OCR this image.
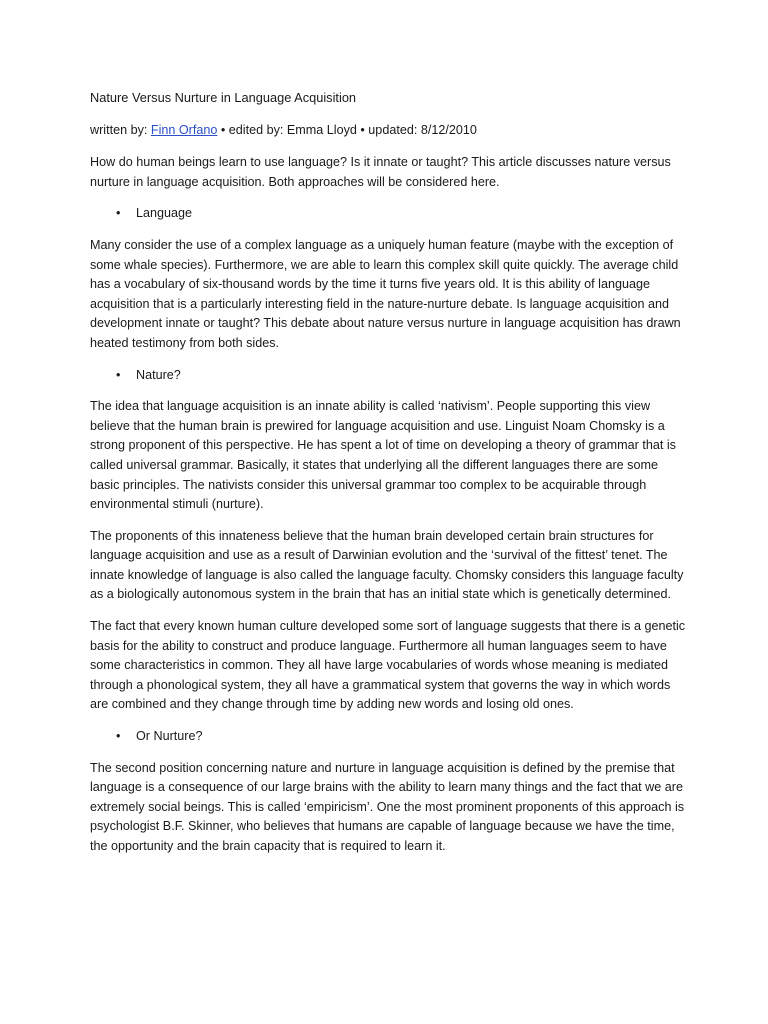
Nature Versus Nurture in Language Acquisition
written by: Finn Orfano • edited by: Emma Lloyd • updated: 8/12/2010

How do human beings learn to use language? Is it innate or taught? This article discusses nature versus nurture in language acquisition. Both approaches will be considered here.

•	Language

Many consider the use of a complex language as a uniquely human feature (maybe with the exception of some whale species). Furthermore, we are able to learn this complex skill quite quickly. The average child has a vocabulary of six-thousand words by the time it turns five years old. It is this ability of language acquisition that is a particularly interesting field in the nature-nurture debate. Is language acquisition and development innate or taught? This debate about nature versus nurture in language acquisition has drawn heated testimony from both sides.

•	Nature?

The idea that language acquisition is an innate ability is called ‘nativism’. People supporting this view believe that the human brain is prewired for language acquisition and use. Linguist Noam Chomsky is a strong proponent of this perspective. He has spent a lot of time on developing a theory of grammar that is called universal grammar. Basically, it states that underlying all the different languages there are some basic principles. The nativists consider this universal grammar too complex to be acquirable through environmental stimuli (nurture).

The proponents of this innateness believe that the human brain developed certain brain structures for language acquisition and use as a result of Darwinian evolution and the ‘survival of the fittest’ tenet. The innate knowledge of language is also called the language faculty. Chomsky considers this language faculty as a biologically autonomous system in the brain that has an initial state which is genetically determined.

The fact that every known human culture developed some sort of language suggests that there is a genetic basis for the ability to construct and produce language. Furthermore all human languages seem to have some characteristics in common. They all have large vocabularies of words whose meaning is mediated through a phonological system, they all have a grammatical system that governs the way in which words are combined and they change through time by adding new words and losing old ones.

•	Or Nurture?

The second position concerning nature and nurture in language acquisition is defined by the premise that language is a consequence of our large brains with the ability to learn many things and the fact that we are extremely social beings. This is called ‘empiricism’. One the most prominent proponents of this approach is psychologist B.F. Skinner, who believes that humans are capable of language because we have the time, the opportunity and the brain capacity that is required to learn it.
